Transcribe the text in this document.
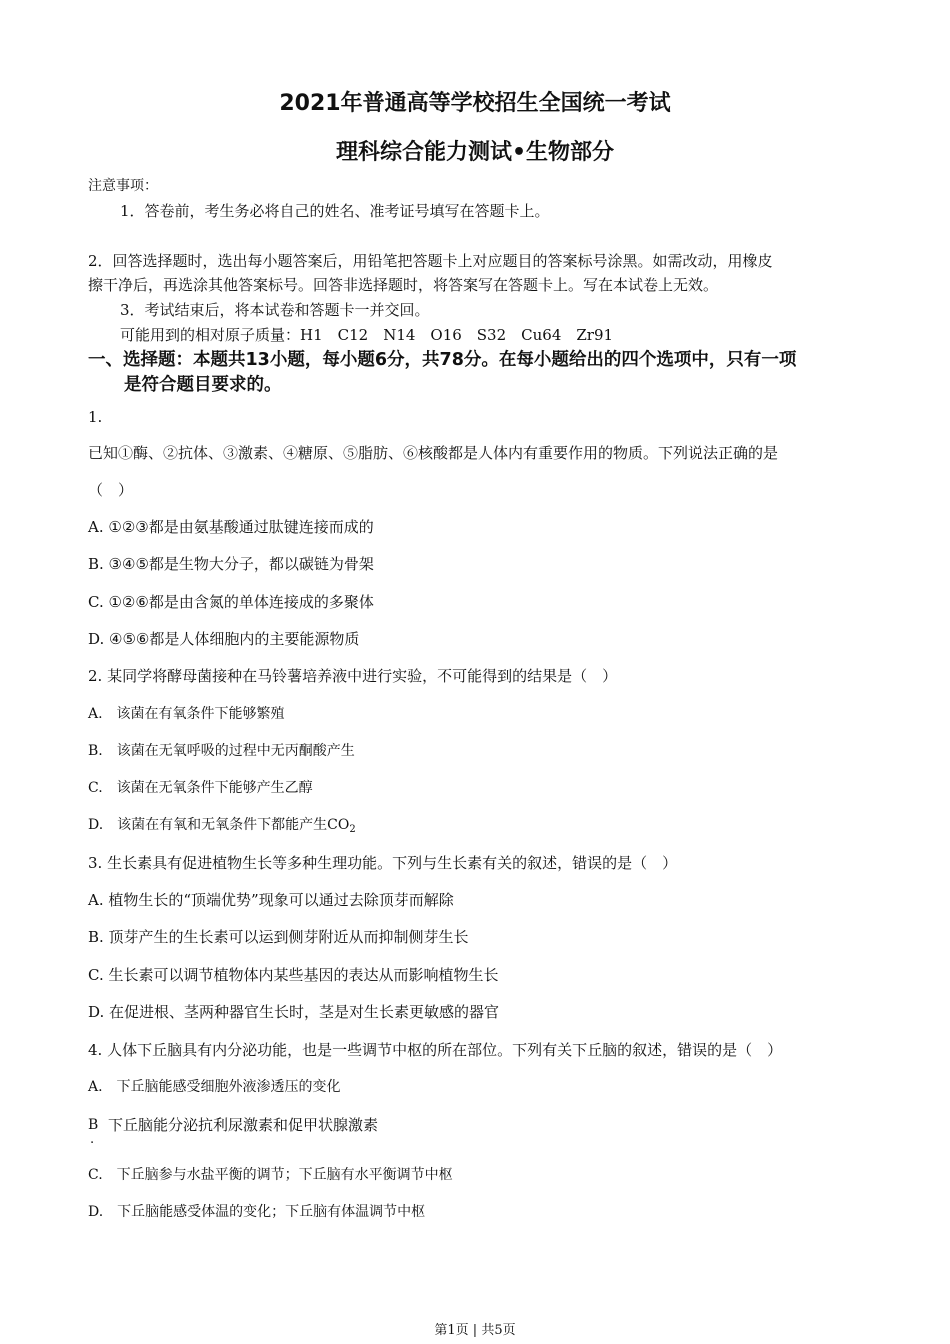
2021年普通高等学校招生全国统一考试
理科综合能力测试•生物部分
注意事项：
1．答卷前，考生务必将自己的姓名、准考证号填写在答题卡上。
2．回答选择题时，选出每小题答案后，用铅笔把答题卡上对应题目的答案标号涂黑。如需改动，用橡皮
擦干净后，再选涂其他答案标号。回答非选择题时，将答案写在答题卡上。写在本试卷上无效。
3．考试结束后，将本试卷和答题卡一并交回。
可能用到的相对原子质量：H1　C12　N14　O16　S32　Cu64　Zr91
一、选择题：本题共13小题，每小题6分，共78分。在每小题给出的四个选项中，只有一项
是符合题目要求的。
1.
已知①酶、②抗体、③激素、④糖原、⑤脂肪、⑥核酸都是人体内有重要作用的物质。下列说法正确的是
（　）
A. ①②③都是由氨基酸通过肽键连接而成的
B. ③④⑤都是生物大分子，都以碳链为骨架
C. ①②⑥都是由含氮的单体连接成的多聚体
D. ④⑤⑥都是人体细胞内的主要能源物质
2. 某同学将酵母菌接种在马铃薯培养液中进行实验，不可能得到的结果是（　）
A.　该菌在有氧条件下能够繁殖
B.　该菌在无氧呼吸的过程中无丙酮酸产生
C.　该菌在无氧条件下能够产生乙醇
D.　该菌在有氧和无氧条件下都能产生$CO_2$
3. 生长素具有促进植物生长等多种生理功能。下列与生长素有关的叙述，错误的是（　）
A. 植物生长的“顶端优势”现象可以通过去除顶芽而解除
B. 顶芽产生的生长素可以运到侧芽附近从而抑制侧芽生长
C. 生长素可以调节植物体内某些基因的表达从而影响植物生长
D. 在促进根、茎两种器官生长时，茎是对生长素更敏感的器官
4. 人体下丘脑具有内分泌功能，也是一些调节中枢的所在部位。下列有关下丘脑的叙述，错误的是（　）
A.　下丘脑能感受细胞外液渗透压的变化
B
.
下丘脑能分泌抗利尿激素和促甲状腺激素
C.　下丘脑参与水盐平衡的调节；下丘脑有水平衡调节中枢
D.　下丘脑能感受体温的变化；下丘脑有体温调节中枢
第1页 | 共5页
